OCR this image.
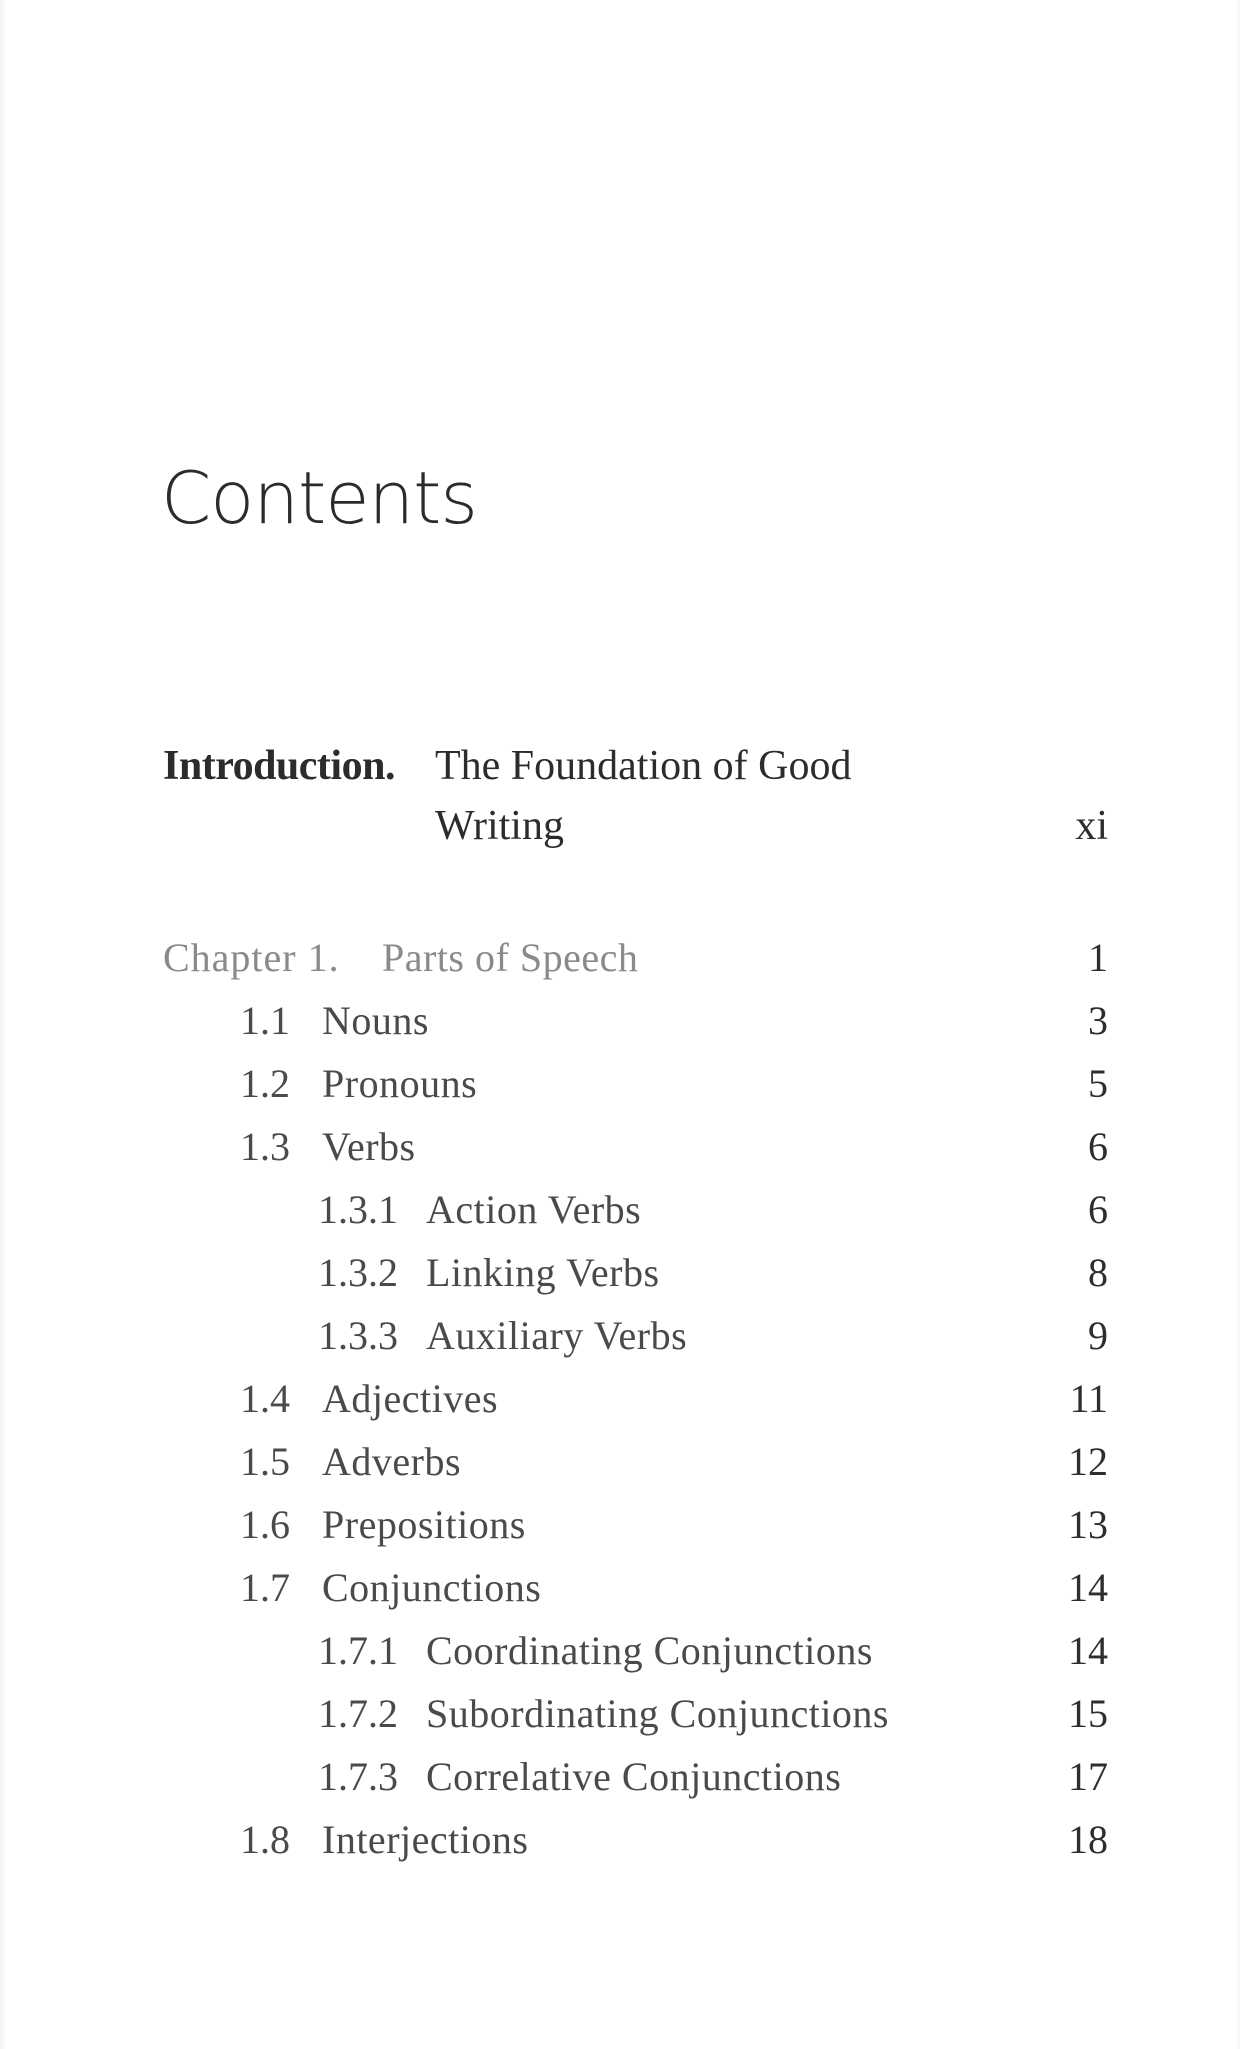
Contents
Introduction. The Foundation of Good
Writing	xi
Chapter 1. Parts of Speech	1
1.1 Nouns	3
1.2 Pronouns	5
1.3 Verbs	6
1.3.1 Action Verbs	6
1.3.2 Linking Verbs	8
1.3.3 Auxiliary Verbs	9
1.4 Adjectives	11
1.5 Adverbs	12
1.6 Prepositions	13
1.7 Conjunctions	14
1.7.1 Coordinating Conjunctions	14
1.7.2 Subordinating Conjunctions	15
1.7.3 Correlative Conjunctions	17
1.8 Interjections	18
